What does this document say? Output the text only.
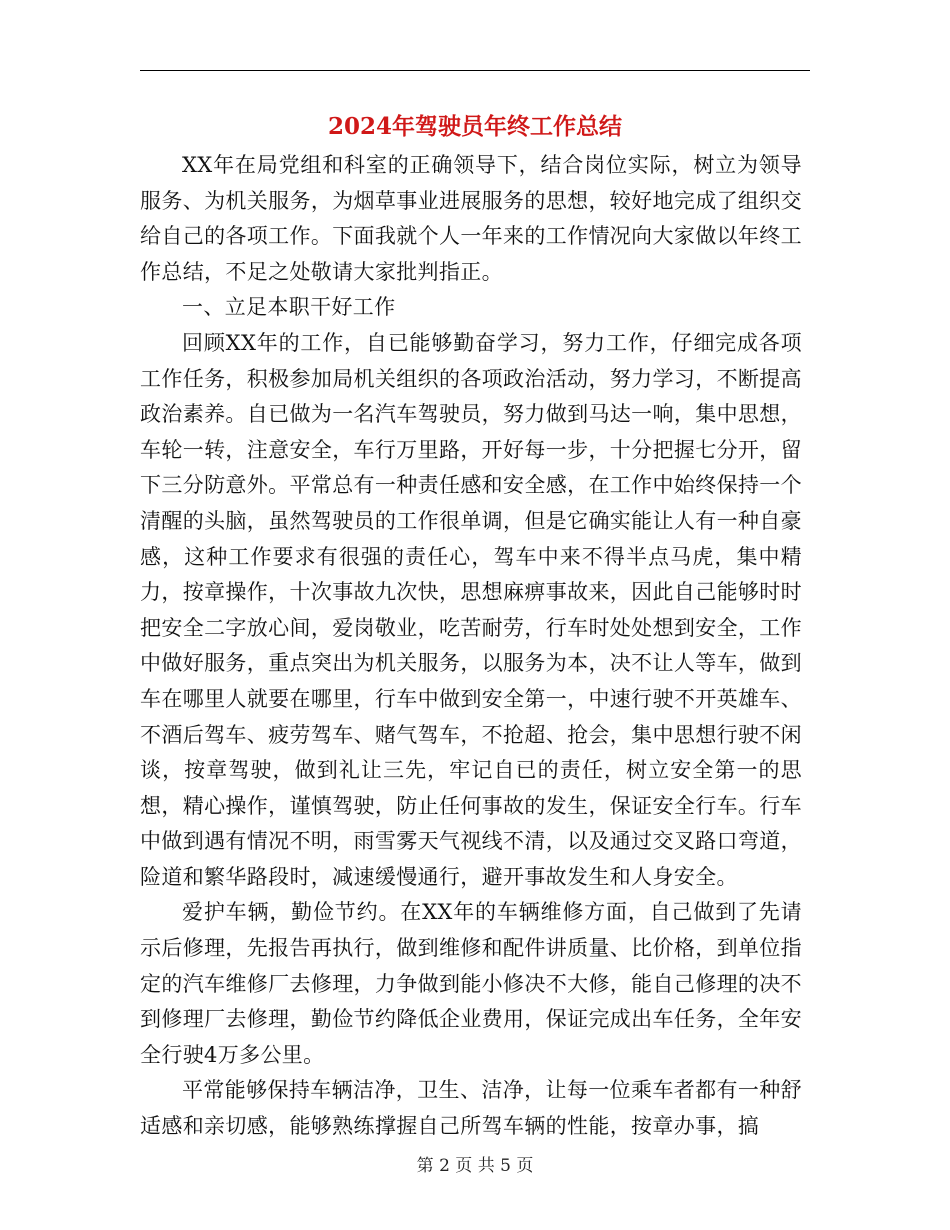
2024年驾驶员年终工作总结

XX年在局党组和科室的正确领导下，结合岗位实际，树立为领导服务、为机关服务，为烟草事业进展服务的思想，较好地完成了组织交给自己的各项工作。下面我就个人一年来的工作情况向大家做以年终工作总结，不足之处敬请大家批判指正。

一、立足本职干好工作

回顾XX年的工作，自已能够勤奋学习，努力工作，仔细完成各项工作任务，积极参加局机关组织的各项政治活动，努力学习，不断提高政治素养。自已做为一名汽车驾驶员，努力做到马达一响，集中思想，车轮一转，注意安全，车行万里路，开好每一步，十分把握七分开，留下三分防意外。平常总有一种责任感和安全感，在工作中始终保持一个清醒的头脑，虽然驾驶员的工作很单调，但是它确实能让人有一种自豪感，这种工作要求有很强的责任心，驾车中来不得半点马虎，集中精力，按章操作，十次事故九次快，思想麻痹事故来，因此自己能够时时把安全二字放心间，爱岗敬业，吃苦耐劳，行车时处处想到安全，工作中做好服务，重点突出为机关服务，以服务为本，决不让人等车，做到车在哪里人就要在哪里，行车中做到安全第一，中速行驶不开英雄车、不酒后驾车、疲劳驾车、赌气驾车，不抢超、抢会，集中思想行驶不闲谈，按章驾驶，做到礼让三先，牢记自已的责任，树立安全第一的思想，精心操作，谨慎驾驶，防止任何事故的发生，保证安全行车。行车中做到遇有情况不明，雨雪雾天气视线不清，以及通过交叉路口弯道，险道和繁华路段时，减速缓慢通行，避开事故发生和人身安全。

爱护车辆，勤俭节约。在XX年的车辆维修方面，自己做到了先请示后修理，先报告再执行，做到维修和配件讲质量、比价格，到单位指定的汽车维修厂去修理，力争做到能小修决不大修，能自己修理的决不到修理厂去修理，勤俭节约降低企业费用，保证完成出车任务，全年安全行驶4万多公里。

平常能够保持车辆洁净，卫生、洁净，让每一位乘车者都有一种舒适感和亲切感，能够熟练撑握自己所驾车辆的性能，按章办事，搞

第 2 页 共 5 页
